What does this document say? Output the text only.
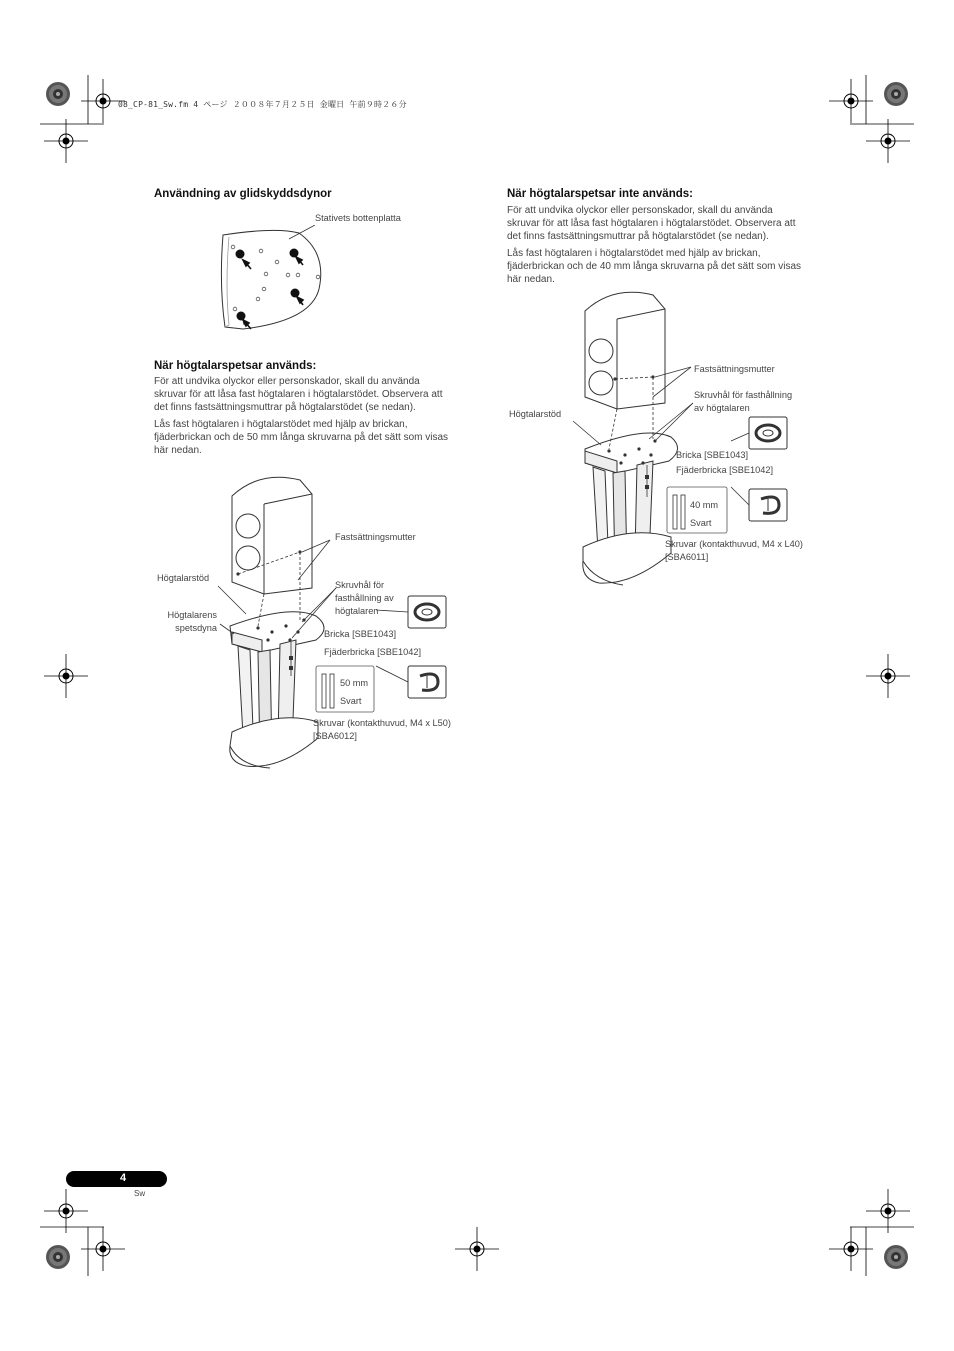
08_CP-81_Sw.fm 4 ページ ２００８年７月２５日 金曜日 午前９時２６分
Användning av glidskyddsdynor
Stativets bottenplatta
När högtalarspetsar används:
För att undvika olyckor eller personskador, skall du använda
skruvar för att låsa fast högtalaren i högtalarstödet. Observera att
det finns fastsättningsmuttrar på högtalarstödet (se nedan).
Lås fast högtalaren i högtalarstödet med hjälp av brickan,
fjäderbrickan och de 50 mm långa skruvarna på det sätt som visas
här nedan.
Fastsättningsmutter
Högtalarstöd
Högtalarens
spetsdyna
Skruvhål för
fasthållning av
högtalaren
Bricka [SBE1043]
Fjäderbricka [SBE1042]
50 mm
Svart
Skruvar (kontakthuvud, M4 x L50)
[SBA6012]
När högtalarspetsar inte används:
För att undvika olyckor eller personskador, skall du använda
skruvar för att låsa fast högtalaren i högtalarstödet. Observera att
det finns fastsättningsmuttrar på högtalarstödet (se nedan).
Lås fast högtalaren i högtalarstödet med hjälp av brickan,
fjäderbrickan och de 40 mm långa skruvarna på det sätt som visas
här nedan.
Fastsättningsmutter
Skruvhål för fasthållning
av högtalaren
Högtalarstöd
Bricka [SBE1043]
Fjäderbricka [SBE1042]
40 mm
Svart
Skruvar (kontakthuvud, M4 x L40)
[SBA6011]
4
Sw
